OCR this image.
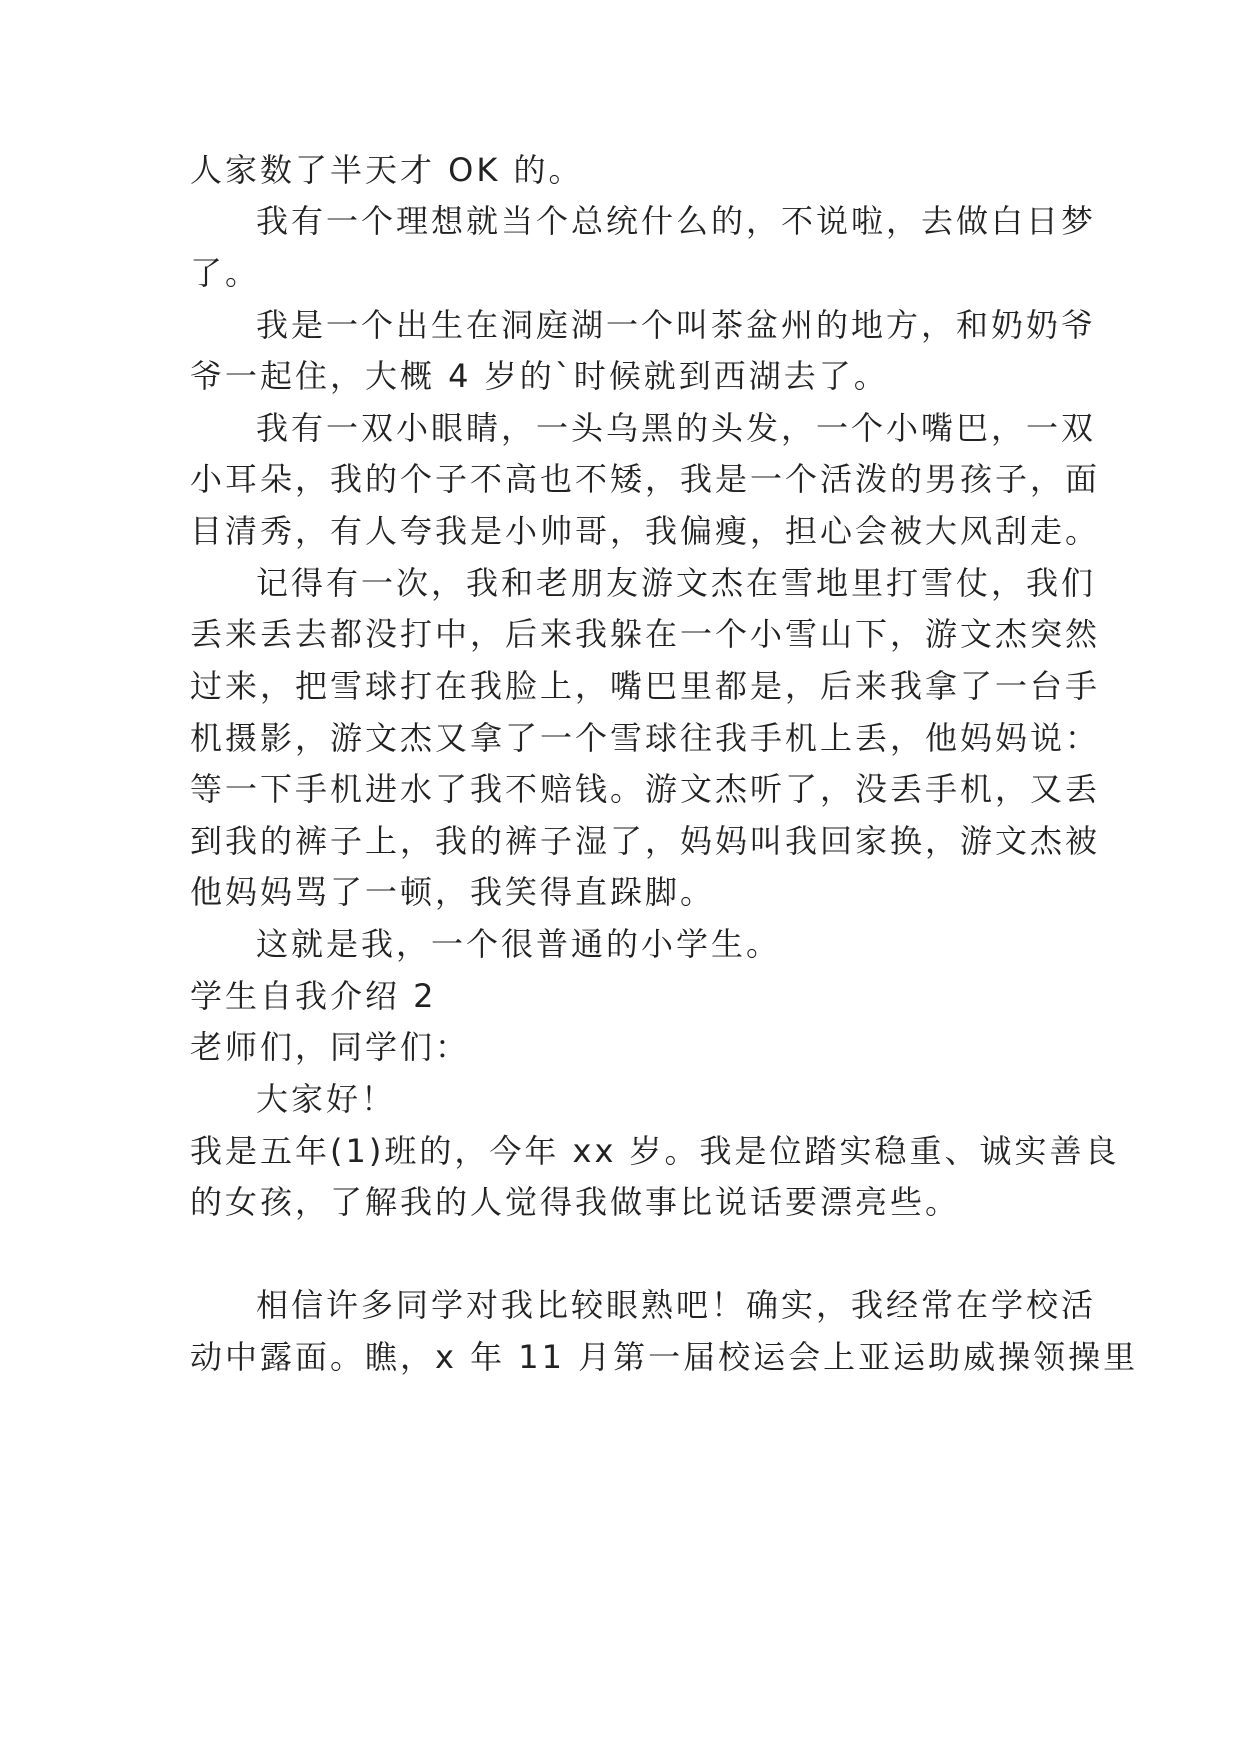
人家数了半天才 OK 的。

我有一个理想就当个总统什么的，不说啦，去做白日梦

了。

我是一个出生在洞庭湖一个叫茶盆州的地方，和奶奶爷

爷一起住，大概 4 岁的`时候就到西湖去了。

我有一双小眼睛，一头乌黑的头发，一个小嘴巴，一双

小耳朵，我的个子不高也不矮，我是一个活泼的男孩子，面

目清秀，有人夸我是小帅哥，我偏瘦，担心会被大风刮走。

记得有一次，我和老朋友游文杰在雪地里打雪仗，我们

丢来丢去都没打中，后来我躲在一个小雪山下，游文杰突然

过来，把雪球打在我脸上，嘴巴里都是，后来我拿了一台手

机摄影，游文杰又拿了一个雪球往我手机上丢，他妈妈说：

等一下手机进水了我不赔钱。游文杰听了，没丢手机，又丢

到我的裤子上，我的裤子湿了，妈妈叫我回家换，游文杰被

他妈妈骂了一顿，我笑得直跺脚。

这就是我，一个很普通的小学生。

学生自我介绍 2

老师们，同学们：

大家好！

我是五年(1)班的，今年 xx 岁。我是位踏实稳重、诚实善良

的女孩，了解我的人觉得我做事比说话要漂亮些。

相信许多同学对我比较眼熟吧！确实，我经常在学校活

动中露面。瞧，x 年 11 月第一届校运会上亚运助威操领操里
